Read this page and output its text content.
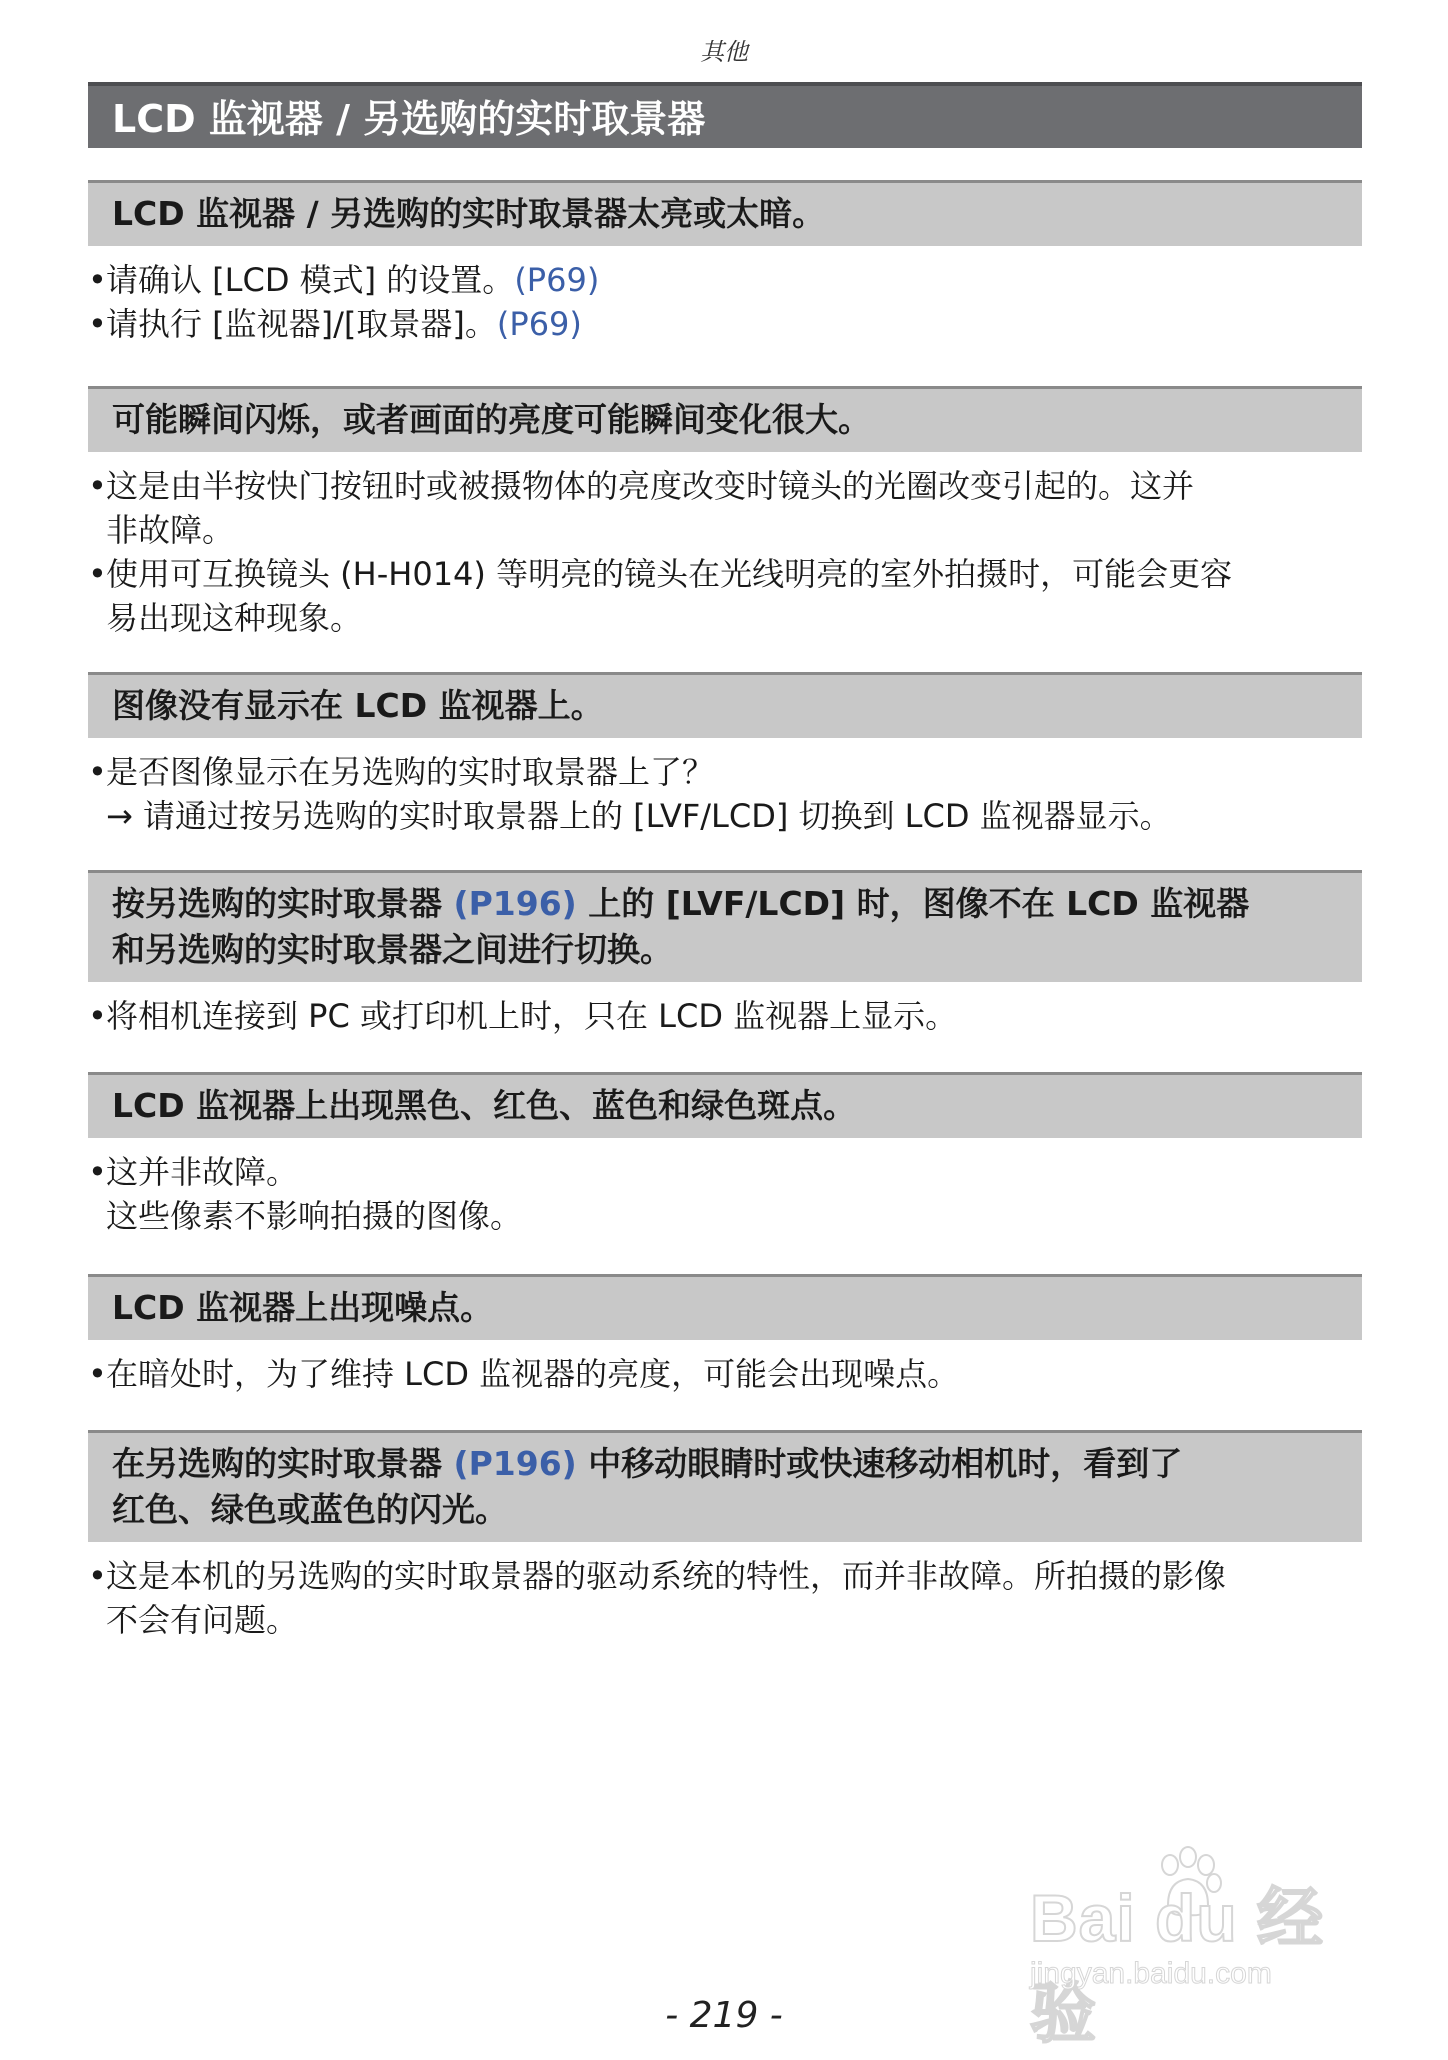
其他
LCD 监视器 / 另选购的实时取景器
LCD 监视器 / 另选购的实时取景器太亮或太暗。
• 请确认 [LCD 模式] 的设置。(P69)
• 请执行 [监视器]/[取景器]。(P69)
可能瞬间闪烁，或者画面的亮度可能瞬间变化很大。
• 这是由半按快门按钮时或被摄物体的亮度改变时镜头的光圈改变引起的。这并
非故障。
• 使用可互换镜头 (H-H014) 等明亮的镜头在光线明亮的室外拍摄时，可能会更容
易出现这种现象。
图像没有显示在 LCD 监视器上。
• 是否图像显示在另选购的实时取景器上了？
→ 请通过按另选购的实时取景器上的 [LVF/LCD] 切换到 LCD 监视器显示。
按另选购的实时取景器 (P196) 上的 [LVF/LCD] 时，图像不在 LCD 监视器
和另选购的实时取景器之间进行切换。
• 将相机连接到 PC 或打印机上时，只在 LCD 监视器上显示。
LCD 监视器上出现黑色、红色、蓝色和绿色斑点。
• 这并非故障。
这些像素不影响拍摄的图像。
LCD 监视器上出现噪点。
• 在暗处时，为了维持 LCD 监视器的亮度，可能会出现噪点。
在另选购的实时取景器 (P196) 中移动眼睛时或快速移动相机时，看到了
红色、绿色或蓝色的闪光。
• 这是本机的另选购的实时取景器的驱动系统的特性，而并非故障。所拍摄的影像
不会有问题。
Bai du 经验
jingyan.baidu.com
- 219 -
